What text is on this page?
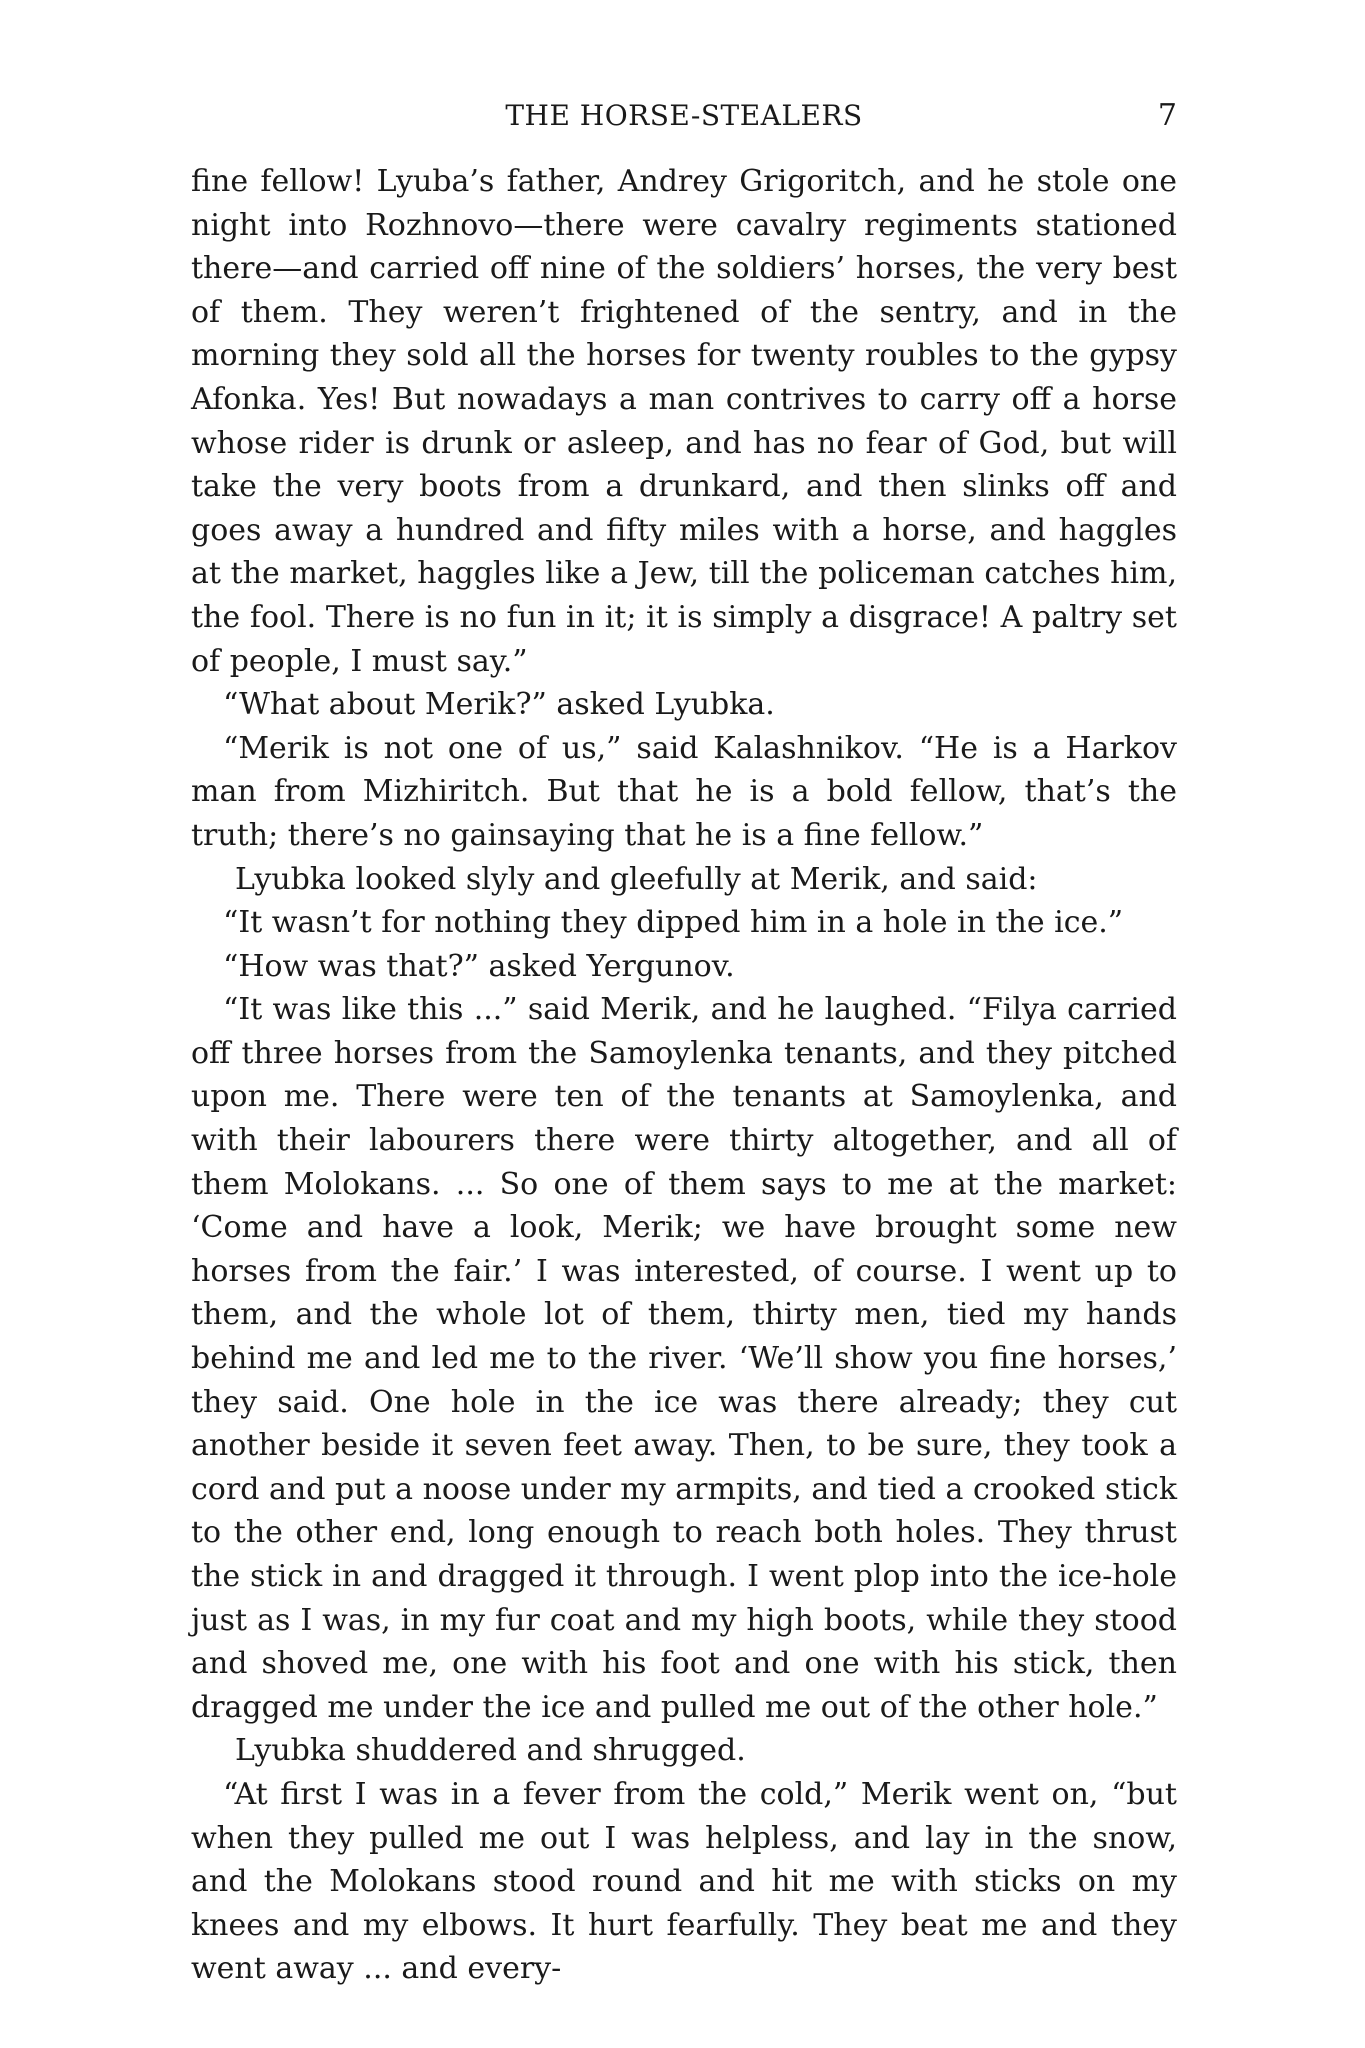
THE HORSE-STEALERS	7

fine fellow! Lyuba’s father, Andrey Grigoritch, and he stole one night into Rozhnovo—there were cavalry regiments stationed there—and carried off nine of the soldiers’ horses, the very best of them. They weren’t frightened of the sentry, and in the morning they sold all the horses for twenty roubles to the gypsy Afonka. Yes! But nowadays a man contrives to carry off a horse whose rider is drunk or asleep, and has no fear of God, but will take the very boots from a drunkard, and then slinks off and goes away a hundred and fifty miles with a horse, and haggles at the market, haggles like a Jew, till the policeman catches him, the fool. There is no fun in it; it is simply a disgrace! A paltry set of people, I must say.”

“What about Merik?” asked Lyubka.

“Merik is not one of us,” said Kalashnikov. “He is a Harkov man from Mizhiritch. But that he is a bold fellow, that’s the truth; there’s no gainsaying that he is a fine fellow.”

Lyubka looked slyly and gleefully at Merik, and said:

“It wasn’t for nothing they dipped him in a hole in the ice.”

“How was that?” asked Yergunov.

“It was like this ...” said Merik, and he laughed. “Filya carried off three horses from the Samoylenka tenants, and they pitched upon me. There were ten of the tenants at Samoylenka, and with their labourers there were thirty altogether, and all of them Molokans. ... So one of them says to me at the market: ‘Come and have a look, Merik; we have brought some new horses from the fair.’ I was interested, of course. I went up to them, and the whole lot of them, thirty men, tied my hands behind me and led me to the river. ‘We’ll show you fine horses,’ they said. One hole in the ice was there already; they cut another beside it seven feet away. Then, to be sure, they took a cord and put a noose under my armpits, and tied a crooked stick to the other end, long enough to reach both holes. They thrust the stick in and dragged it through. I went plop into the ice-hole just as I was, in my fur coat and my high boots, while they stood and shoved me, one with his foot and one with his stick, then dragged me under the ice and pulled me out of the other hole.”

Lyubka shuddered and shrugged.

“At first I was in a fever from the cold,” Merik went on, “but when they pulled me out I was helpless, and lay in the snow, and the Molokans stood round and hit me with sticks on my knees and my elbows. It hurt fearfully. They beat me and they went away ... and every-
